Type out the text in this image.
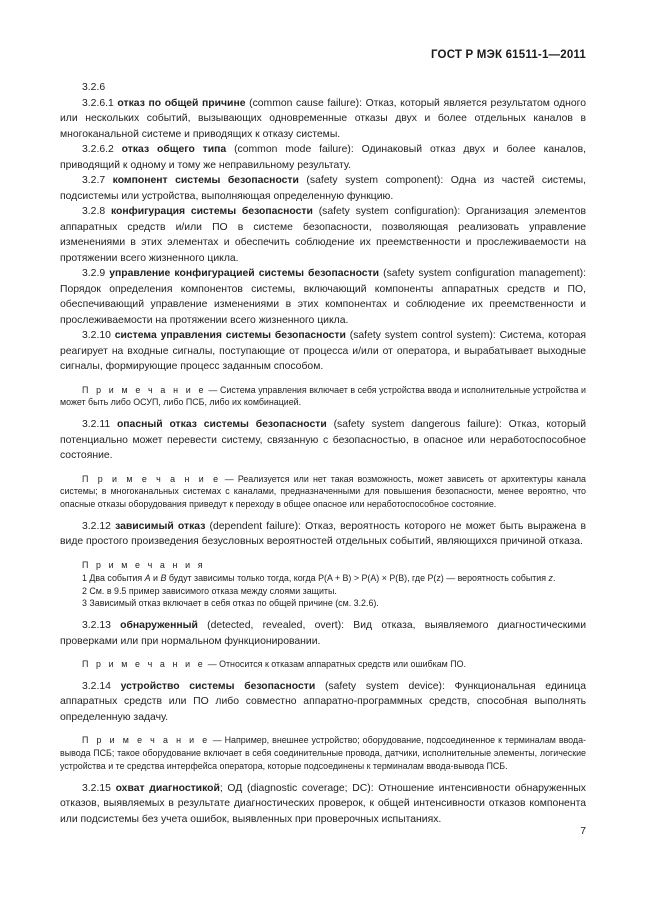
ГОСТ Р МЭК 61511-1—2011

3.2.6

3.2.6.1 отказ по общей причине (common cause failure): Отказ, который является результатом одного или нескольких событий, вызывающих одновременные отказы двух и более отдельных каналов в многоканальной системе и приводящих к отказу системы.

3.2.6.2 отказ общего типа (common mode failure): Одинаковый отказ двух и более каналов, приводящий к одному и тому же неправильному результату.

3.2.7 компонент системы безопасности (safety system component): Одна из частей системы, подсистемы или устройства, выполняющая определенную функцию.

3.2.8 конфигурация системы безопасности (safety system configuration): Организация элементов аппаратных средств и/или ПО в системе безопасности, позволяющая реализовать управление изменениями в этих элементах и обеспечить соблюдение их преемственности и прослеживаемости на протяжении всего жизненного цикла.

3.2.9 управление конфигурацией системы безопасности (safety system configuration management): Порядок определения компонентов системы, включающий компоненты аппаратных средств и ПО, обеспечивающий управление изменениями в этих компонентах и соблюдение их преемственности и прослеживаемости на протяжении всего жизненного цикла.

3.2.10 система управления системы безопасности (safety system control system): Система, которая реагирует на входные сигналы, поступающие от процесса и/или от оператора, и вырабатывает выходные сигналы, формирующие процесс заданным способом.

П р и м е ч а н и е — Система управления включает в себя устройства ввода и исполнительные устройства и может быть либо ОСУП, либо ПСБ, либо их комбинацией.

3.2.11 опасный отказ системы безопасности (safety system dangerous failure): Отказ, который потенциально может перевести систему, связанную с безопасностью, в опасное или неработоспособное состояние.

П р и м е ч а н и е — Реализуется или нет такая возможность, может зависеть от архитектуры канала системы; в многоканальных системах с каналами, предназначенными для повышения безопасности, менее вероятно, что опасные отказы оборудования приведут к переходу в общее опасное или неработоспособное состояние.

3.2.12 зависимый отказ (dependent failure): Отказ, вероятность которого не может быть выражена в виде простого произведения безусловных вероятностей отдельных событий, являющихся причиной отказа.

П р и м е ч а н и я

1 Два события A и B будут зависимы только тогда, когда P(A + B) > P(A) × P(B), где P(z) — вероятность события z.

2 См. в 9.5 пример зависимого отказа между слоями защиты.

3 Зависимый отказ включает в себя отказ по общей причине (см. 3.2.6).

3.2.13 обнаруженный (detected, revealed, overt): Вид отказа, выявляемого диагностическими проверками или при нормальном функционировании.

П р и м е ч а н и е — Относится к отказам аппаратных средств или ошибкам ПО.

3.2.14 устройство системы безопасности (safety system device): Функциональная единица аппаратных средств или ПО либо совместно аппаратно-программных средств, способная выполнять определенную задачу.

П р и м е ч а н и е — Например, внешнее устройство; оборудование, подсоединенное к терминалам ввода-вывода ПСБ; такое оборудование включает в себя соединительные провода, датчики, исполнительные элементы, логические устройства и те средства интерфейса оператора, которые подсоединены к терминалам ввода-вывода ПСБ.

3.2.15 охват диагностикой; ОД (diagnostic coverage; DC): Отношение интенсивности обнаруженных отказов, выявляемых в результате диагностических проверок, к общей интенсивности отказов компонента или подсистемы без учета ошибок, выявленных при проверочных испытаниях.

7
